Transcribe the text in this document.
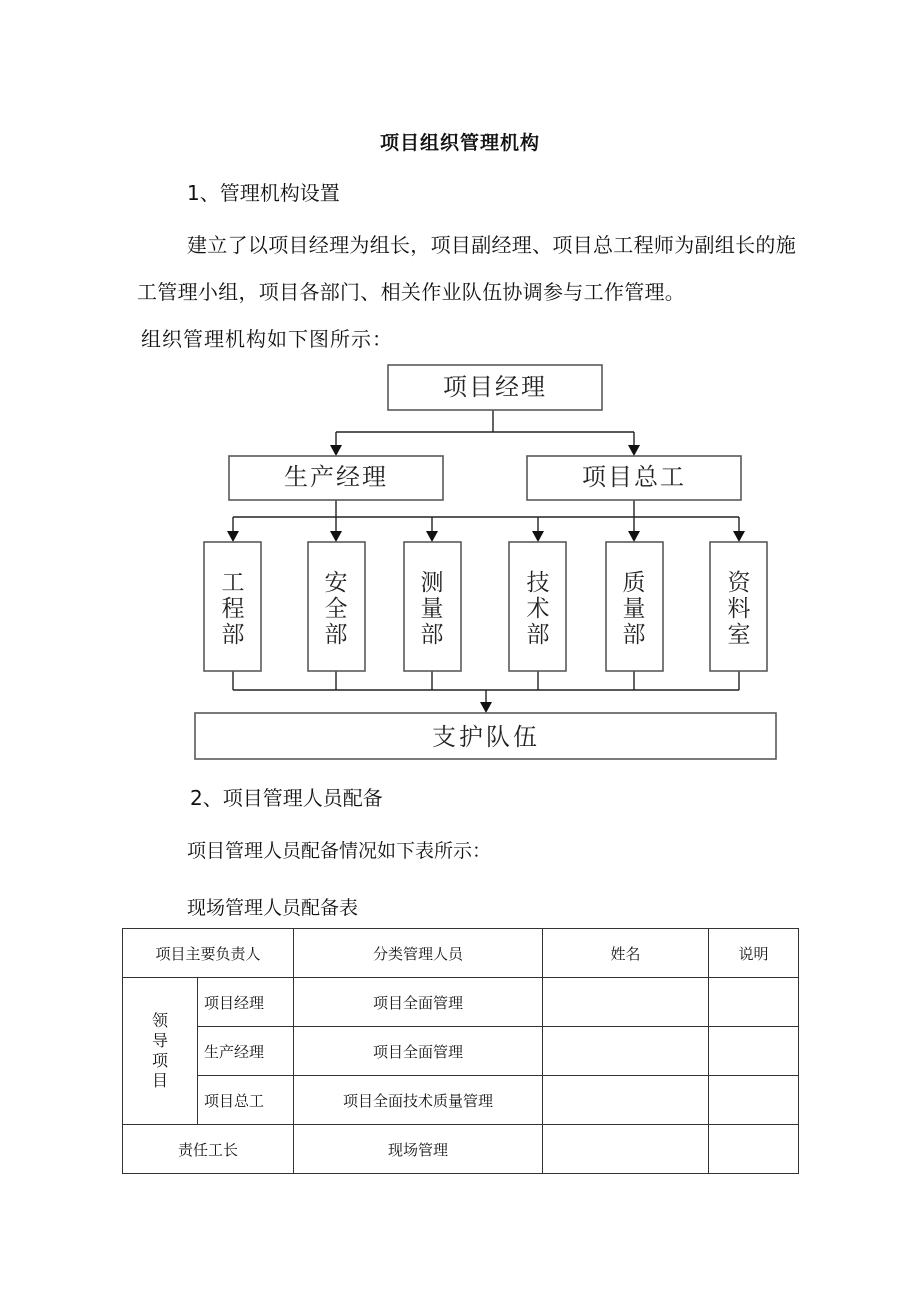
项目组织管理机构
1、管理机构设置
建立了以项目经理为组长，项目副经理、项目总工程师为副组长的施
工管理小组，项目各部门、相关作业队伍协调参与工作管理。
组织管理机构如下图所示：
项目经理
生产经理	项目总工
工
程
部
安
全
部
测
量
部
技
术
部
质
量
部
资
料
室
支护队伍
2、项目管理人员配备
项目管理人员配备情况如下表所示：
现场管理人员配备表
项目主要负责人		分类管理人员	姓名	说明
领导项目	项目经理	项目全面管理		
	生产经理	项目全面管理		
	项目总工	项目全面技术质量管理		
责任工长		现场管理		
